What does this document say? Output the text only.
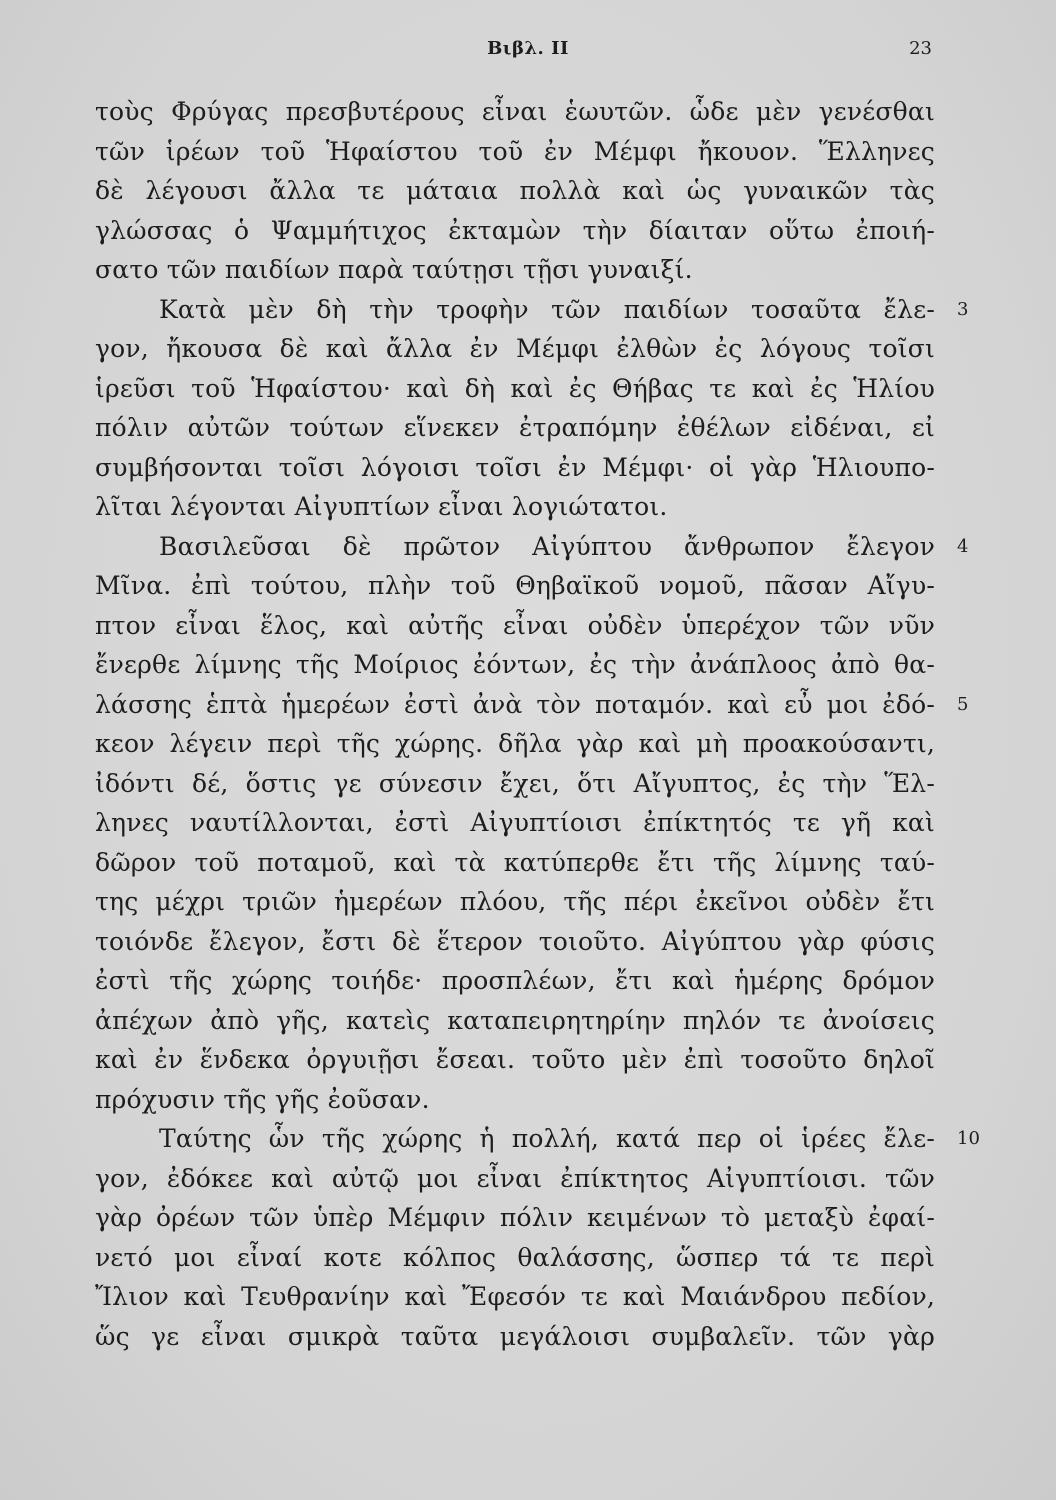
Βιβλ. II	23
τοὺς Φρύγας πρεσβυτέρους εἶναι ἑωυτῶν. ὧδε μὲν γενέσθαι
τῶν ἱρέων τοῦ Ἡφαίστου τοῦ ἐν Μέμφι ἤκουον. Ἕλληνες
δὲ λέγουσι ἄλλα τε μάταια πολλὰ καὶ ὡς γυναικῶν τὰς
γλώσσας ὁ Ψαμμήτιχος ἐκταμὼν τὴν δίαιταν οὕτω ἐποιή-
σατο τῶν παιδίων παρὰ ταύτῃσι τῇσι γυναιξί.
Κατὰ μὲν δὴ τὴν τροφὴν τῶν παιδίων τοσαῦτα ἔλε- 3
γον, ἤκουσα δὲ καὶ ἄλλα ἐν Μέμφι ἐλθὼν ἐς λόγους τοῖσι
ἱρεῦσι τοῦ Ἡφαίστου· καὶ δὴ καὶ ἐς Θήβας τε καὶ ἐς Ἡλίου
πόλιν αὐτῶν τούτων εἵνεκεν ἐτραπόμην ἐθέλων εἰδέναι, εἰ
συμβήσονται τοῖσι λόγοισι τοῖσι ἐν Μέμφι· οἱ γὰρ Ἡλιουπο-
λῖται λέγονται Αἰγυπτίων εἶναι λογιώτατοι.
Βασιλεῦσαι δὲ πρῶτον Αἰγύπτου ἄνθρωπον ἔλεγον 4
Μῖνα. ἐπὶ τούτου, πλὴν τοῦ Θηβαϊκοῦ νομοῦ, πᾶσαν Αἴγυ-
πτον εἶναι ἕλος, καὶ αὐτῆς εἶναι οὐδὲν ὑπερέχον τῶν νῦν
ἔνερθε λίμνης τῆς Μοίριος ἐόντων, ἐς τὴν ἀνάπλοος ἀπὸ θα-
λάσσης ἑπτὰ ἡμερέων ἐστὶ ἀνὰ τὸν ποταμόν. καὶ εὖ μοι ἐδό- 5
κεον λέγειν περὶ τῆς χώρης. δῆλα γὰρ καὶ μὴ προακούσαντι,
ἰδόντι δέ, ὅστις γε σύνεσιν ἔχει, ὅτι Αἴγυπτος, ἐς τὴν Ἕλ-
ληνες ναυτίλλονται, ἐστὶ Αἰγυπτίοισι ἐπίκτητός τε γῆ καὶ
δῶρον τοῦ ποταμοῦ, καὶ τὰ κατύπερθε ἔτι τῆς λίμνης ταύ-
της μέχρι τριῶν ἡμερέων πλόου, τῆς πέρι ἐκεῖνοι οὐδὲν ἔτι
τοιόνδε ἔλεγον, ἔστι δὲ ἕτερον τοιοῦτο. Αἰγύπτου γὰρ φύσις
ἐστὶ τῆς χώρης τοιήδε· προσπλέων, ἔτι καὶ ἡμέρης δρόμον
ἀπέχων ἀπὸ γῆς, κατεὶς καταπειρητηρίην πηλόν τε ἀνοίσεις
καὶ ἐν ἕνδεκα ὀργυιῇσι ἔσεαι. τοῦτο μὲν ἐπὶ τοσοῦτο δηλοῖ
πρόχυσιν τῆς γῆς ἐοῦσαν.
Ταύτης ὧν τῆς χώρης ἡ πολλή, κατά περ οἱ ἱρέες ἔλε- 10
γον, ἐδόκεε καὶ αὐτῷ μοι εἶναι ἐπίκτητος Αἰγυπτίοισι. τῶν
γὰρ ὀρέων τῶν ὑπὲρ Μέμφιν πόλιν κειμένων τὸ μεταξὺ ἐφαί-
νετό μοι εἶναί κοτε κόλπος θαλάσσης, ὥσπερ τά τε περὶ
Ἴλιον καὶ Τευθρανίην καὶ Ἔφεσόν τε καὶ Μαιάνδρου πεδίον,
ὥς γε εἶναι σμικρὰ ταῦτα μεγάλοισι συμβαλεῖν. τῶν γὰρ
